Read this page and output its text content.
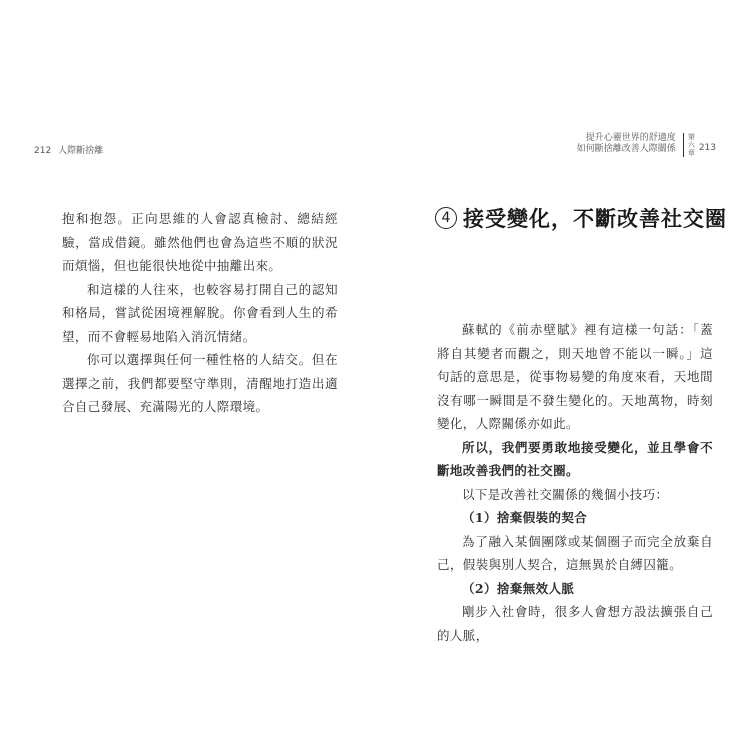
212 人際斷捨離

抱和抱怨。正向思維的人會認真檢討、總結經驗，當成借鏡。雖然他們也會為這些不順的狀況而煩惱，但也能很快地從中抽離出來。

和這樣的人往來，也較容易打開自己的認知和格局，嘗試從困境裡解脫。你會看到人生的希望，而不會輕易地陷入消沉情緒。

你可以選擇與任何一種性格的人結交。但在選擇之前，我們都要堅守準則，清醒地打造出適合自己發展、充滿陽光的人際環境。

提升心靈世界的舒適度
如何斷捨離改善人際關係
第六章 213
4 接受變化，不斷改善社交圈

蘇軾的《前赤壁賦》裡有這樣一句話：「蓋將自其變者而觀之，則天地曾不能以一瞬。」這句話的意思是，從事物易變的角度來看，天地間沒有哪一瞬間是不發生變化的。天地萬物，時刻變化，人際關係亦如此。

所以，我們要勇敢地接受變化，並且學會不斷地改善我們的社交圈。

以下是改善社交關係的幾個小技巧：

（1）捨棄假裝的契合

為了融入某個團隊或某個圈子而完全放棄自己，假裝與別人契合，這無異於自縛囚籠。

（2）捨棄無效人脈

剛步入社會時，很多人會想方設法擴張自己的人脈，
